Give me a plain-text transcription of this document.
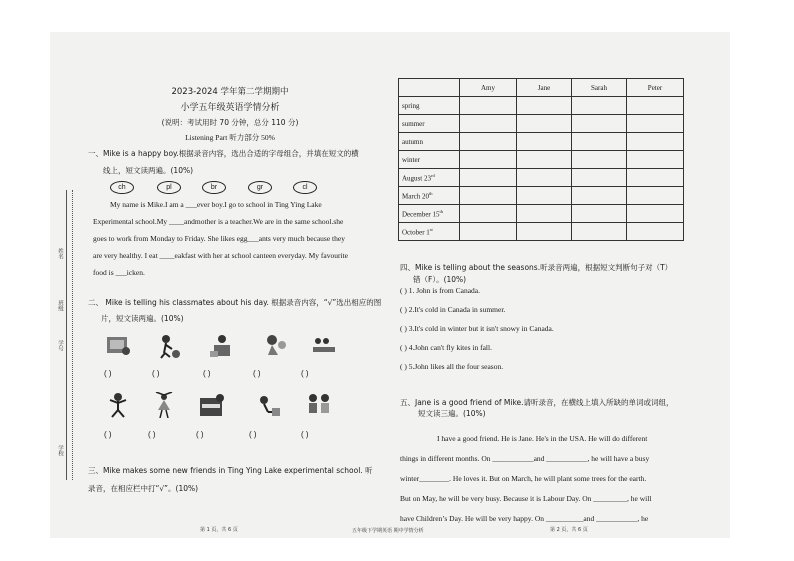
姓名
班级
学号
学校
2023-2024 学年第二学期期中
小学五年级英语学情分析
(说明：考试用时 70 分钟，总分 110 分)
Listening Part 听力部分 50%
一、Mike is a happy boy.根据录音内容，选出合适的字母组合，并填在短文的横
线上，短文读两遍。(10%)
ch	pl	br	gr	cl
My name is Mike.I am a ___ever boy.I go to school in Ting Ying Lake
Experimental school.My ____andmother is a teacher.We are in the same school.she
goes to work from Monday to Friday. She likes egg___ants very much because they
are very healthy. I eat ____eakfast with her at school canteen everyday. My favourite
food is ___icken.
二、 Mike is telling his classmates about his day. 根据录音内容，“√”选出相应的图
片，短文读两遍。(10%)
( )	( )	( )	( )	( )
( )	( )	( )	( )	( )
三、Mike makes some new friends in Ting Ying Lake experimental school. 听
录音，在相应栏中打“√”。(10%)
第 1 页，共 6 页
	Amy	Jane	Sarah	Peter
spring				
summer				
autumn				
winter				
August 23rd				
March 20th				
December 15th				
October 1st				
四、Mike is telling about the seasons.听录音两遍，根据短文判断句子对（T）
错（F）。(10%)
( ) 1. John is from Canada.
( ) 2.It's cold in Canada in summer.
( ) 3.It's cold in winter but it isn't snowy in Canada.
( ) 4.John can't fly kites in fall.
( ) 5.John likes all the four season.
五、Jane is a good friend of Mike.请听录音，在横线上填入所缺的单词或词组，
短文读三遍。(10%)
I have a good friend. He is Jane. He's in the USA. He will do different
things in different months. On ___________and ___________, he will have a busy
winter________. He loves it. But on March, he will plant some trees for the earth.
But on May, he will be very busy. Because it is Labour Day. On _________, he will
have Children’s Day. He will be very happy. On __________and ___________, he
五年级下学期英语 期中学情分析	第 2 页，共 6 页
